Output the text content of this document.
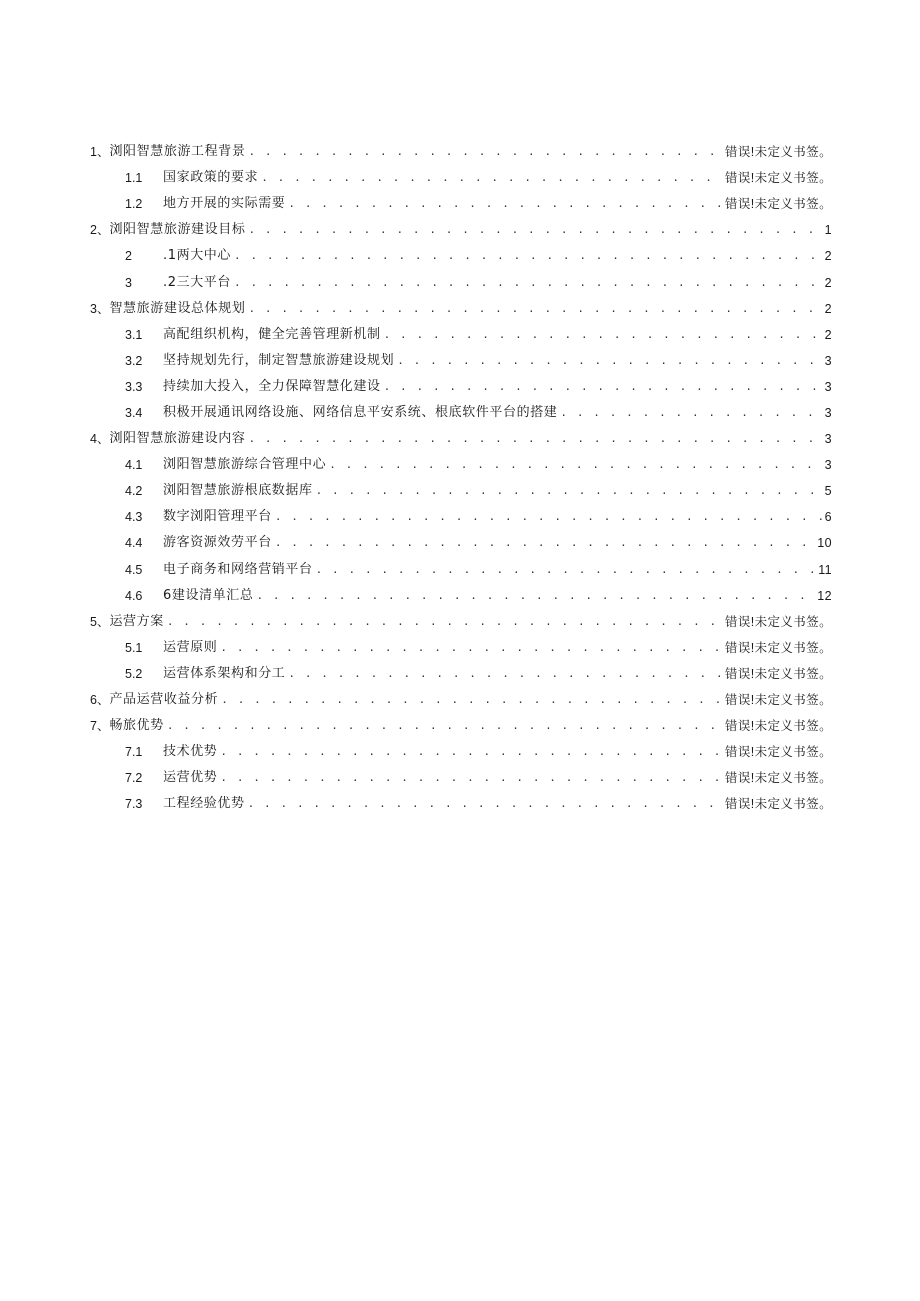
1、 浏阳智慧旅游工程背景 . . .	错误!未定义书签。
1.1	国家政策的要求 . . .	错误!未定义书签。
1.2	地方开展的实际需要 . . .	错误!未定义书签。
2、 浏阳智慧旅游建设目标 . . .	1
2	.1两大中心 . . .	2
3	.2三大平台 . . .	2
3、 智慧旅游建设总体规划 . . .	2
3.1	高配组织机构，健全完善管理新机制 . . .	2
3.2	坚持规划先行，制定智慧旅游建设规划 . . .	3
3.3	持续加大投入，全力保障智慧化建设 . . .	3
3.4	积极开展通讯网络设施、网络信息平安系统、根底软件平台的搭建 . . .	3
4、 浏阳智慧旅游建设内容 . . .	3
4.1	浏阳智慧旅游综合管理中心 . . .	3
4.2	浏阳智慧旅游根底数据库 . . .	5
4.3	数字浏阳管理平台 . . .	6
4.4	游客资源效劳平台 . . .	10
4.5	电子商务和网络营销平台 . . .	11
4.6	6建设清单汇总 . . .	12
5、 运营方案 . . .	错误!未定义书签。
5.1	运营原则 . . .	错误!未定义书签。
5.2	运营体系架构和分工 . . .	错误!未定义书签。
6、 产品运营收益分析 . . .	错误!未定义书签。
7、 畅旅优势 . . .	错误!未定义书签。
7.1	技术优势 . . .	错误!未定义书签。
7.2	运营优势 . . .	错误!未定义书签。
7.3	工程经验优势 . . .	错误!未定义书签。
